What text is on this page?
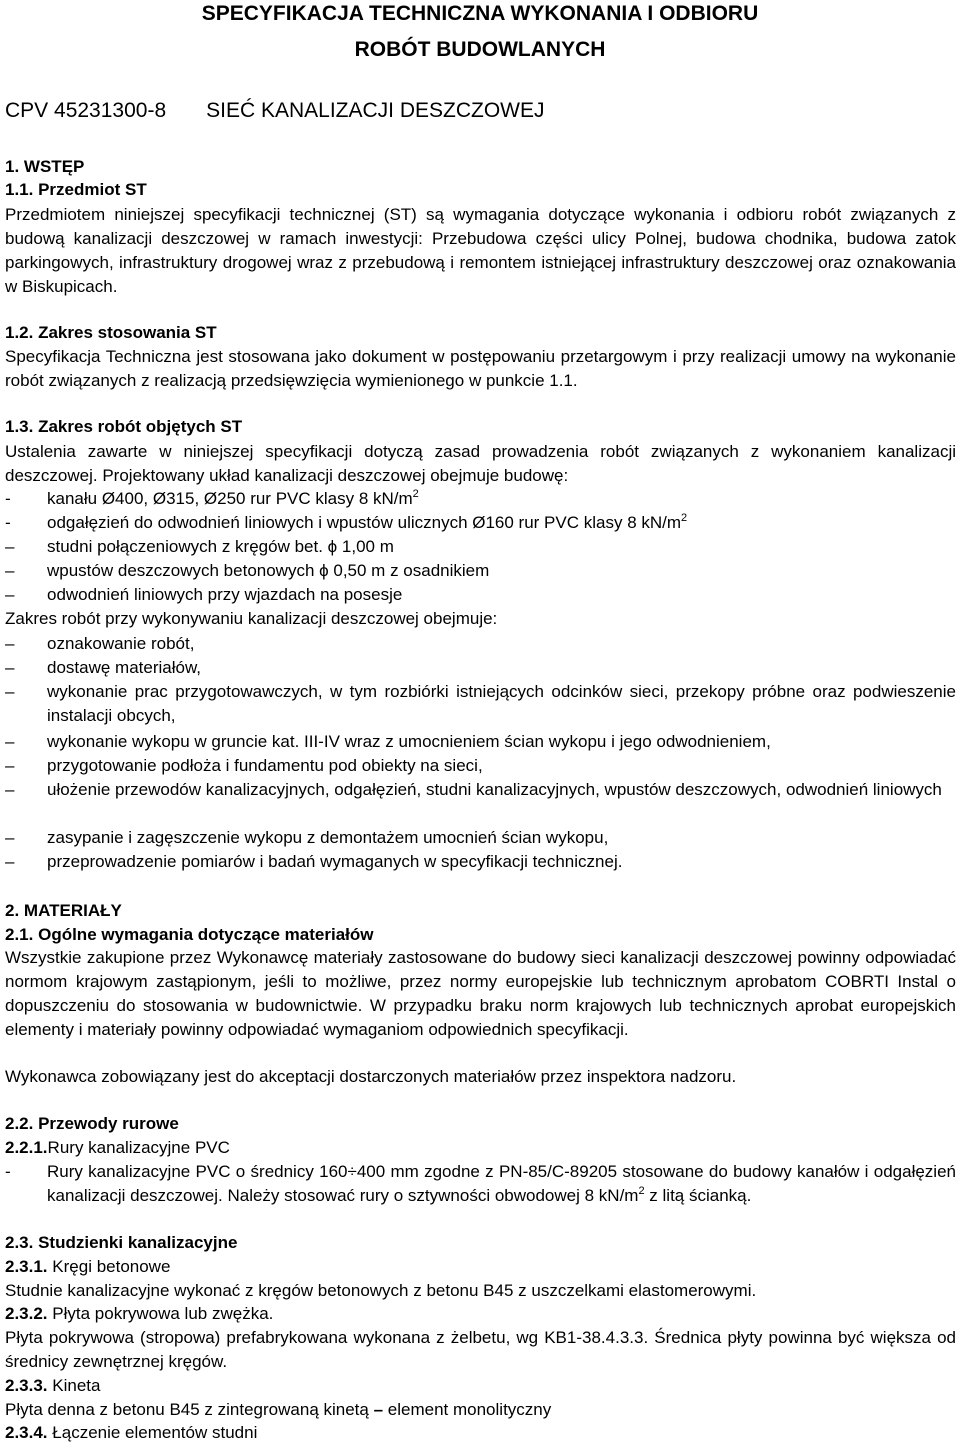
SPECYFIKACJA TECHNICZNA WYKONANIA I ODBIORU
ROBÓT BUDOWLANYCH
CPV 45231300-8 SIEĆ KANALIZACJI DESZCZOWEJ
1. WSTĘP
1.1. Przedmiot ST
Przedmiotem niniejszej specyfikacji technicznej (ST) są wymagania dotyczące wykonania i odbioru robót związanych z budową kanalizacji deszczowej w ramach inwestycji: Przebudowa części ulicy Polnej, budowa chodnika, budowa zatok parkingowych, infrastruktury drogowej wraz z przebudową i remontem istniejącej infrastruktury deszczowej oraz oznakowania w Biskupicach.
1.2. Zakres stosowania ST
Specyfikacja Techniczna jest stosowana jako dokument w postępowaniu przetargowym i przy realizacji umowy na wykonanie robót związanych z realizacją przedsięwzięcia wymienionego w punkcie 1.1.
1.3. Zakres robót objętych ST
Ustalenia zawarte w niniejszej specyfikacji dotyczą zasad prowadzenia robót związanych z wykonaniem kanalizacji deszczowej. Projektowany układ kanalizacji deszczowej obejmuje budowę:
-	kanału Ø400, Ø315, Ø250 rur PVC klasy 8 $kN/m^2$
-	odgałęzień do odwodnień liniowych i wpustów ulicznych Ø160 rur PVC klasy 8 $kN/m^2$
–	studni połączeniowych z kręgów bet. ϕ 1,00 m
–	wpustów deszczowych betonowych ϕ 0,50 m z osadnikiem
–	odwodnień liniowych przy wjazdach na posesje
Zakres robót przy wykonywaniu kanalizacji deszczowej obejmuje:
–	oznakowanie robót,
–	dostawę materiałów,
–	wykonanie prac przygotowawczych, w tym rozbiórki istniejących odcinków sieci, przekopy próbne oraz podwieszenie instalacji obcych,
–	wykonanie wykopu w gruncie kat. III-IV wraz z umocnieniem ścian wykopu i jego odwodnieniem,
–	przygotowanie podłoża i fundamentu pod obiekty na sieci,
–	ułożenie przewodów kanalizacyjnych, odgałęzień, studni kanalizacyjnych, wpustów deszczowych, odwodnień liniowych
–	zasypanie i zagęszczenie wykopu z demontażem umocnień ścian wykopu,
–	przeprowadzenie pomiarów i badań wymaganych w specyfikacji technicznej.
2. MATERIAŁY
2.1. Ogólne wymagania dotyczące materiałów
Wszystkie zakupione przez Wykonawcę materiały zastosowane do budowy sieci kanalizacji deszczowej powinny odpowiadać normom krajowym zastąpionym, jeśli to możliwe, przez normy europejskie lub technicznym aprobatom COBRTI Instal o dopuszczeniu do stosowania w budownictwie. W przypadku braku norm krajowych lub technicznych aprobat europejskich elementy i materiały powinny odpowiadać wymaganiom odpowiednich specyfikacji.
Wykonawca zobowiązany jest do akceptacji dostarczonych materiałów przez inspektora nadzoru.
2.2. Przewody rurowe
2.2.1.Rury kanalizacyjne PVC
-	Rury kanalizacyjne PVC o średnicy 160÷400 mm zgodne z PN-85/C-89205 stosowane do budowy kanałów i odgałęzień kanalizacji deszczowej. Należy stosować rury o sztywności obwodowej 8 $kN/m^2$ z litą ścianką.
2.3. Studzienki kanalizacyjne
2.3.1. Kręgi betonowe
Studnie kanalizacyjne wykonać z kręgów betonowych z betonu B45 z uszczelkami elastomerowymi.
2.3.2. Płyta pokrywowa lub zwężka.
Płyta pokrywowa (stropowa) prefabrykowana wykonana z żelbetu, wg KB1-38.4.3.3. Średnica płyty powinna być większa od średnicy zewnętrznej kręgów.
2.3.3. Kineta
Płyta denna z betonu B45 z zintegrowaną kinetą – element monolityczny
2.3.4. Łączenie elementów studni
